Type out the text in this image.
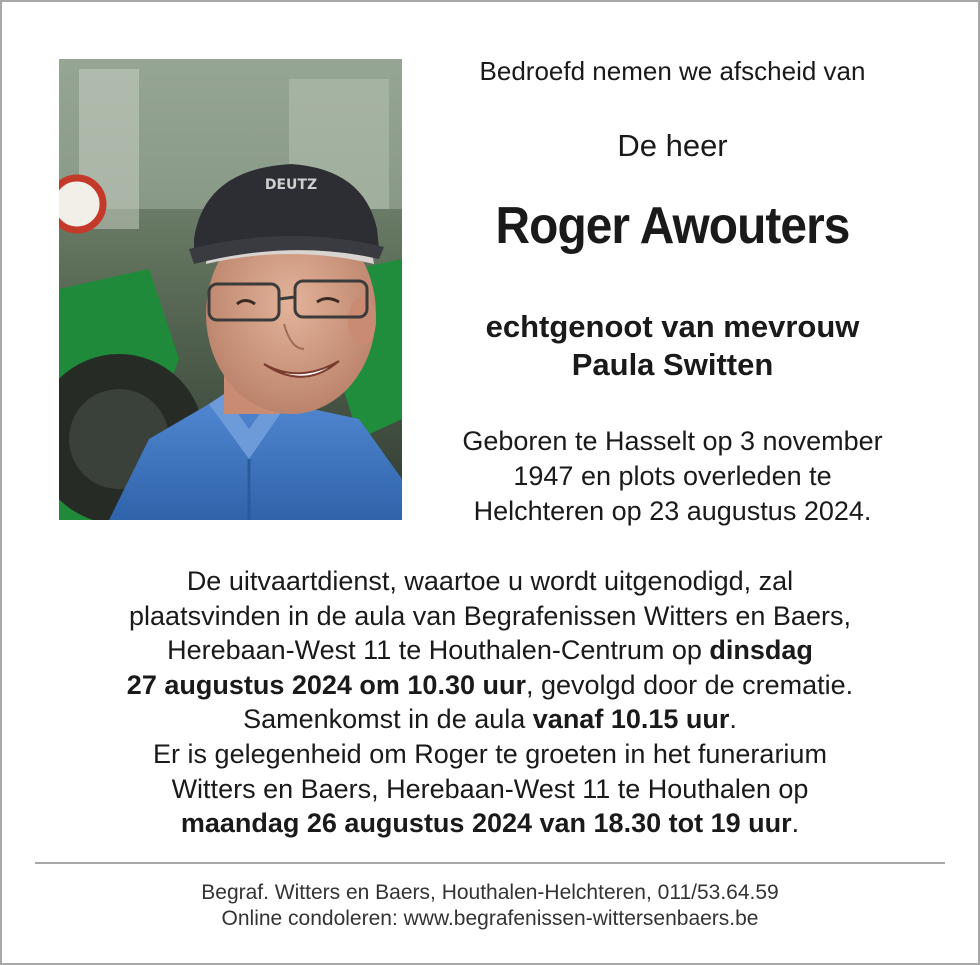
DEUTZ
Bedroefd nemen we afscheid van
De heer
Roger Awouters
echtgenoot van mevrouw
Paula Switten
Geboren te Hasselt op 3 november
1947 en plots overleden te
Helchteren op 23 augustus 2024.
De uitvaartdienst, waartoe u wordt uitgenodigd, zal
plaatsvinden in de aula van Begrafenissen Witters en Baers,
Herebaan-West 11 te Houthalen-Centrum op dinsdag
27 augustus 2024 om 10.30 uur, gevolgd door de crematie.
Samenkomst in de aula vanaf 10.15 uur.
Er is gelegenheid om Roger te groeten in het funerarium
Witters en Baers, Herebaan-West 11 te Houthalen op
maandag 26 augustus 2024 van 18.30 tot 19 uur.
Begraf. Witters en Baers, Houthalen-Helchteren, 011/53.64.59
Online condoleren: www.begrafenissen-wittersenbaers.be
